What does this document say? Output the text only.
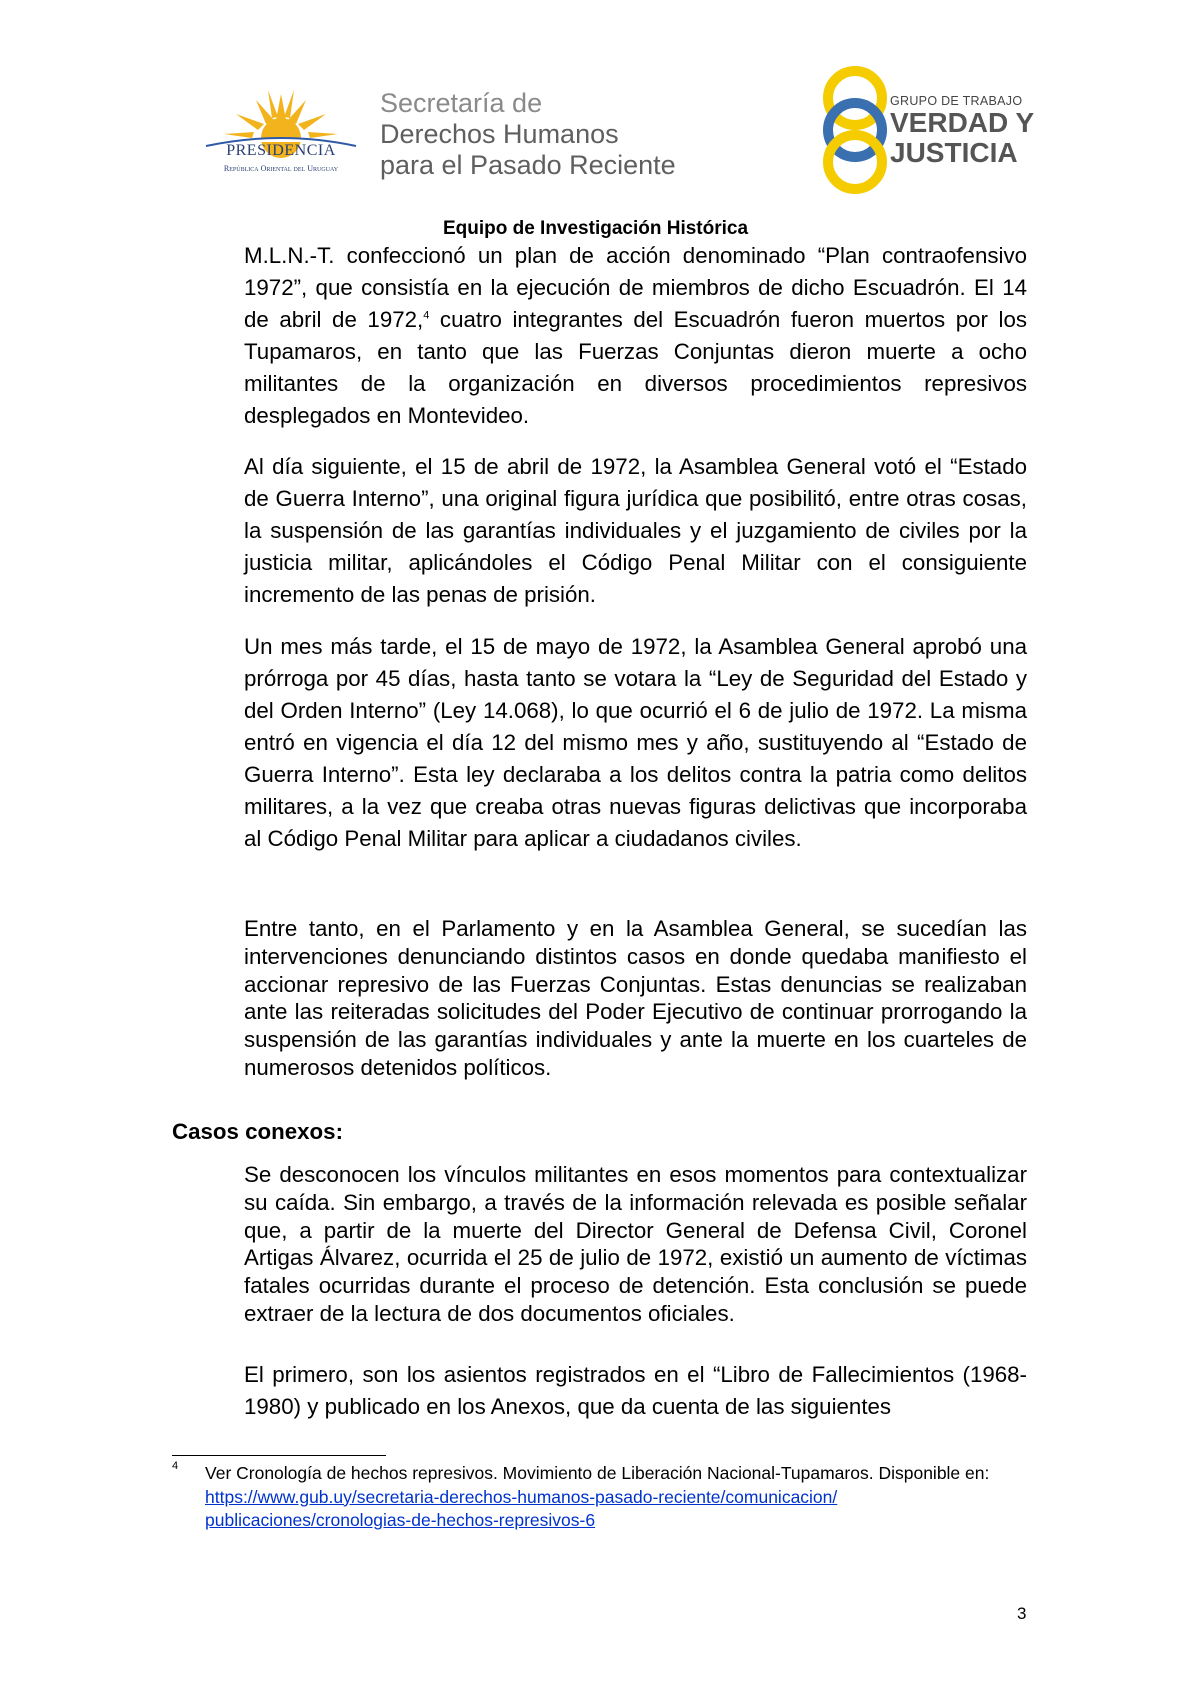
PRESIDENCIA
República Oriental del Uruguay
Secretaría de
Derechos Humanos
para el Pasado Reciente
GRUPO DE TRABAJO
VERDAD Y
JUSTICIA
Equipo de Investigación Histórica
M.L.N.-T. confeccionó un plan de acción denominado “Plan contraofensivo 1972”, que consistía en la ejecución de miembros de dicho Escuadrón. El 14 de abril de 1972,$^4$ cuatro integrantes del Escuadrón fueron muertos por los Tupamaros, en tanto que las Fuerzas Conjuntas dieron muerte a ocho militantes de la organización en diversos procedimientos represivos desplegados en Montevideo.
Al día siguiente, el 15 de abril de 1972, la Asamblea General votó el “Estado de Guerra Interno”, una original figura jurídica que posibilitó, entre otras cosas, la suspensión de las garantías individuales y el juzgamiento de civiles por la justicia militar, aplicándoles el Código Penal Militar con el consiguiente incremento de las penas de prisión.
Un mes más tarde, el 15 de mayo de 1972, la Asamblea General aprobó una prórroga por 45 días, hasta tanto se votara la “Ley de Seguridad del Estado y del Orden Interno” (Ley 14.068), lo que ocurrió el 6 de julio de 1972. La misma entró en vigencia el día 12 del mismo mes y año, sustituyendo al “Estado de Guerra Interno”. Esta ley declaraba a los delitos contra la patria como delitos militares, a la vez que creaba otras nuevas figuras delictivas que incorporaba al Código Penal Militar para aplicar a ciudadanos civiles.
Entre tanto, en el Parlamento y en la Asamblea General, se sucedían las intervenciones denunciando distintos casos en donde quedaba manifiesto el accionar represivo de las Fuerzas Conjuntas. Estas denuncias se realizaban ante las reiteradas solicitudes del Poder Ejecutivo de continuar prorrogando la suspensión de las garantías individuales y ante la muerte en los cuarteles de numerosos detenidos políticos.
Casos conexos:
Se desconocen los vínculos militantes en esos momentos para contextualizar su caída. Sin embargo, a través de la información relevada es posible señalar que, a partir de la muerte del Director General de Defensa Civil, Coronel Artigas Álvarez, ocurrida el 25 de julio de 1972, existió un aumento de víctimas fatales ocurridas durante el proceso de detención. Esta conclusión se puede extraer de la lectura de dos documentos oficiales.
El primero, son los asientos registrados en el “Libro de Fallecimientos (1968-1980) y publicado en los Anexos, que da cuenta de las siguientes
4 Ver Cronología de hechos represivos. Movimiento de Liberación Nacional-Tupamaros. Disponible en:
https://www.gub.uy/secretaria-derechos-humanos-pasado-reciente/comunicacion/
publicaciones/cronologias-de-hechos-represivos-6
3
